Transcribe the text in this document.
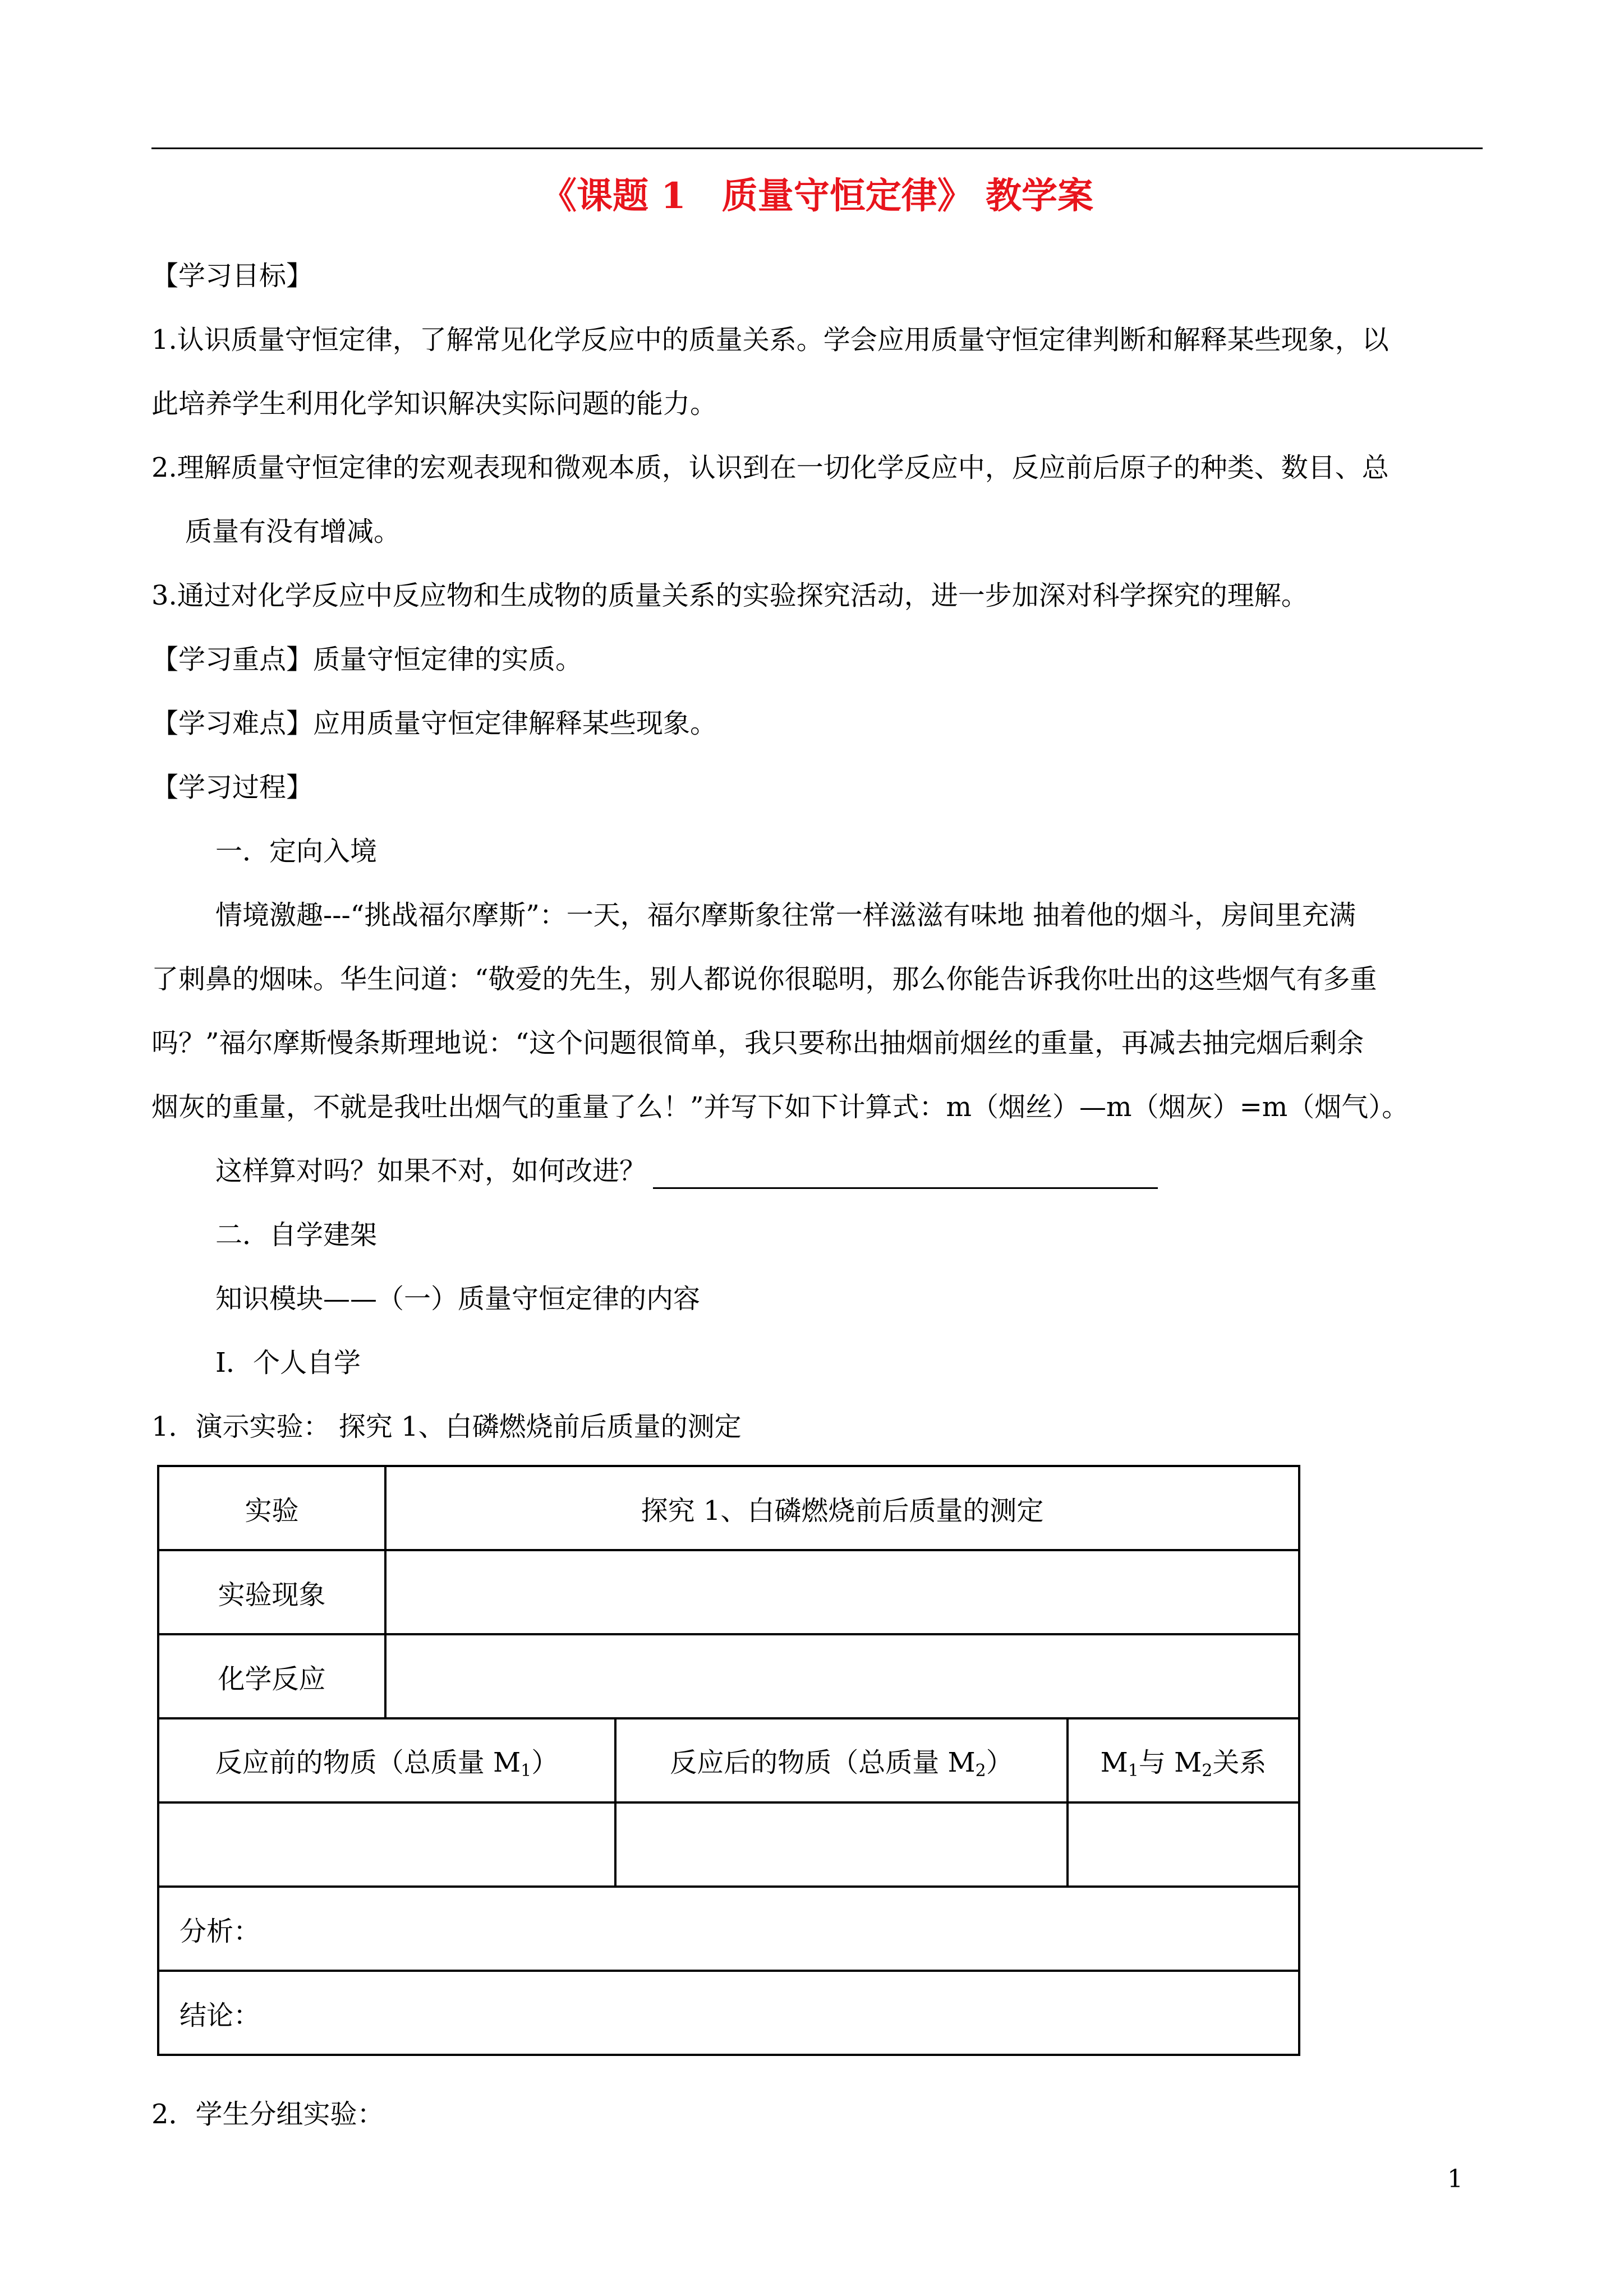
《课题 1　质量守恒定律》 教学案
【学习目标】
1.认识质量守恒定律，了解常见化学反应中的质量关系。学会应用质量守恒定律判断和解释某些现象，以
此培养学生利用化学知识解决实际问题的能力。
2.理解质量守恒定律的宏观表现和微观本质，认识到在一切化学反应中，反应前后原子的种类、数目、总
质量有没有增减。
3.通过对化学反应中反应物和生成物的质量关系的实验探究活动，进一步加深对科学探究的理解。
【学习重点】质量守恒定律的实质。
【学习难点】应用质量守恒定律解释某些现象。
【学习过程】
一．定向入境
情境激趣---“挑战福尔摩斯”：一天，福尔摩斯象往常一样滋滋有味地 抽着他的烟斗，房间里充满
了刺鼻的烟味。华生问道：“敬爱的先生，别人都说你很聪明，那么你能告诉我你吐出的这些烟气有多重
吗？”福尔摩斯慢条斯理地说：“这个问题很简单，我只要称出抽烟前烟丝的重量，再减去抽完烟后剩余
烟灰的重量，不就是我吐出烟气的重量了么！”并写下如下计算式：m（烟丝）—m（烟灰）=m（烟气）。
这样算对吗？如果不对，如何改进？
二．自学建架
知识模块——（一）质量守恒定律的内容
Ⅰ．个人自学
1．演示实验： 探究 1、白磷燃烧前后质量的测定
实验	探究 1、白磷燃烧前后质量的测定		
实验现象			
化学反应			
反应前的物质（总质量 $M_1$）		反应后的物质（总质量 $M_2$）	$M_1$与 $M_2$关系

分析：			
结论：			
2．学生分组实验：
1
